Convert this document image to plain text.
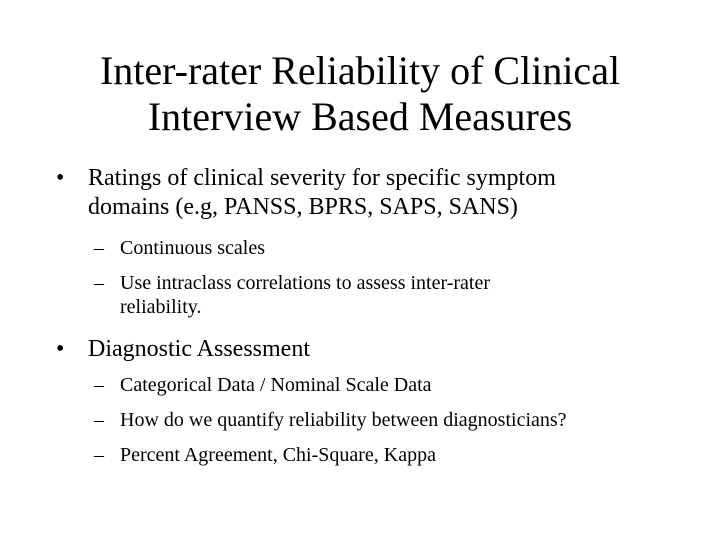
Inter-rater Reliability of Clinical
Interview Based Measures
• Ratings of clinical severity for specific symptom
domains (e.g, PANSS, BPRS, SAPS, SANS)
– Continuous scales
– Use intraclass correlations to assess inter-rater
reliability.
• Diagnostic Assessment
– Categorical Data / Nominal Scale Data
– How do we quantify reliability between diagnosticians?
– Percent Agreement, Chi-Square, Kappa
